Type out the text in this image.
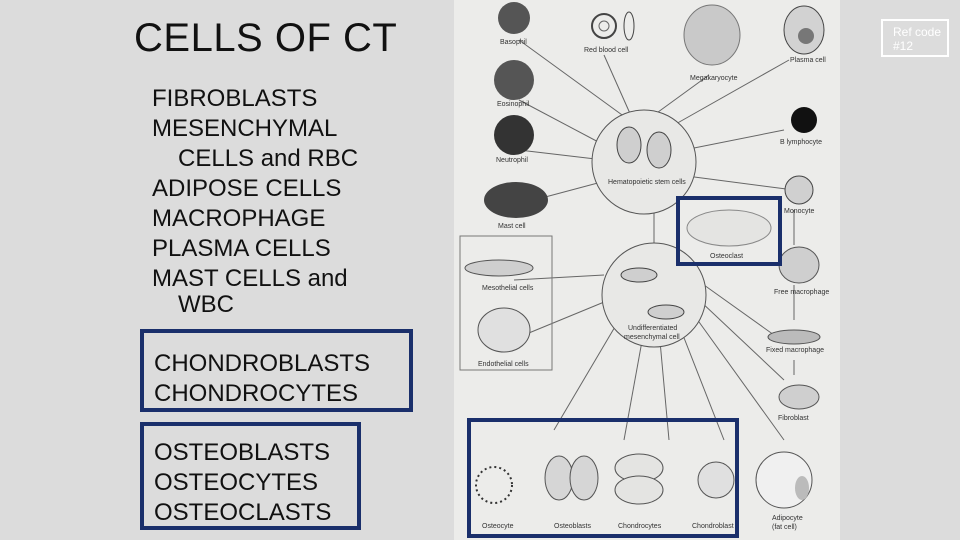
CELLS OF CT
FIBROBLASTS
MESENCHYMAL
CELLS and RBC
ADIPOSE CELLS
MACROPHAGE
PLASMA CELLS
MAST CELLS and
WBC
CHONDROBLASTS
CHONDROCYTES
OSTEOBLASTS
OSTEOCYTES
OSTEOCLASTS
Basophil
Red blood cell
Megakaryocyte
Plasma cell
Eosinophil
Neutrophil
B lymphocyte
Hematopoietic stem cells
Mast cell
Monocyte
Osteoclast
Mesothelial cells
Free macrophage
Undifferentiated
mesenchymal cell
Endothelial cells
Fixed macrophage
Fibroblast
Osteocyte	Osteoblasts	Chondrocytes	Chondroblast
Adipocyte
(fat cell)
Ref code
#12
